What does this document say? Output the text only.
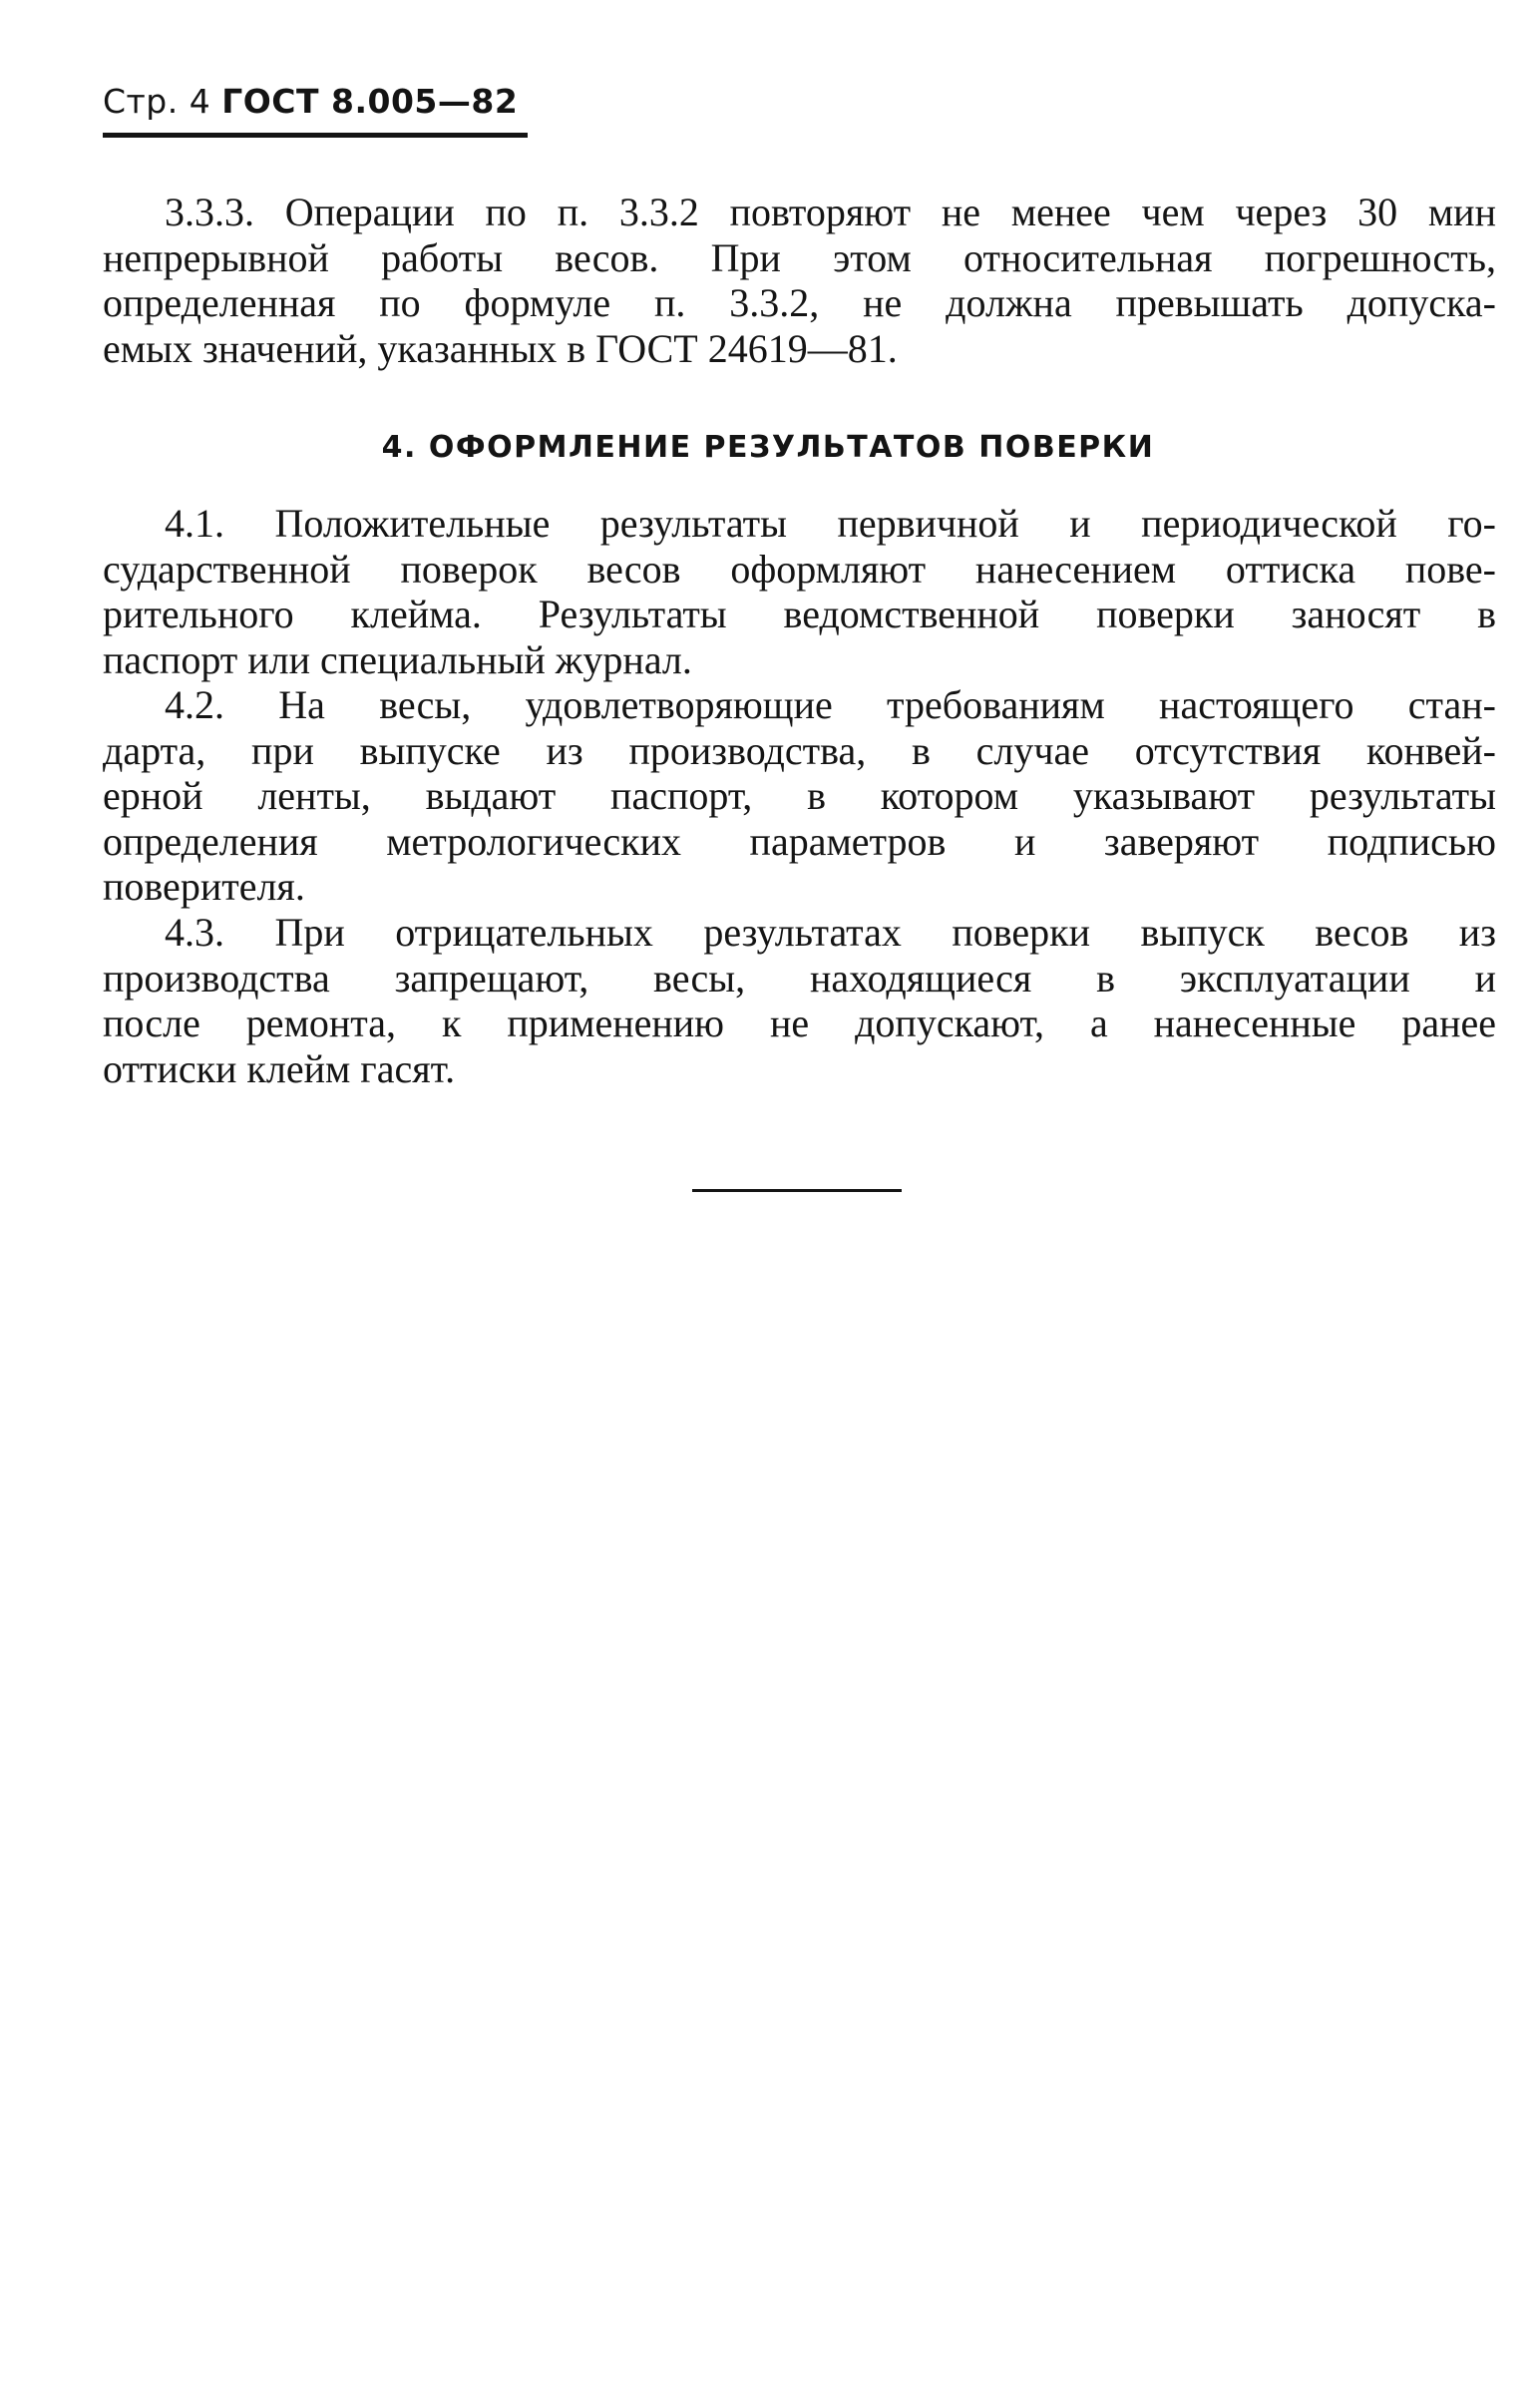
Стр. 4 ГОСТ 8.005—82
3.3.3. Операции по п. 3.3.2 повторяют не менее чем через 30 мин
непрерывной работы весов. При этом относительная погрешность,
определенная по формуле п. 3.3.2, не должна превышать допуска-
емых значений, указанных в ГОСТ 24619—81.
4. ОФОРМЛЕНИЕ РЕЗУЛЬТАТОВ ПОВЕРКИ
4.1. Положительные результаты первичной и периодической го-
сударственной поверок весов оформляют нанесением оттиска пове-
рительного клейма. Результаты ведомственной поверки заносят в
паспорт или специальный журнал.
4.2. На весы, удовлетворяющие требованиям настоящего стан-
дарта, при выпуске из производства, в случае отсутствия конвей-
ерной ленты, выдают паспорт, в котором указывают результаты
определения метрологических параметров и заверяют подписью
поверителя.
4.3. При отрицательных результатах поверки выпуск весов из
производства запрещают, весы, находящиеся в эксплуатации и
после ремонта, к применению не допускают, а нанесенные ранее
оттиски клейм гасят.
